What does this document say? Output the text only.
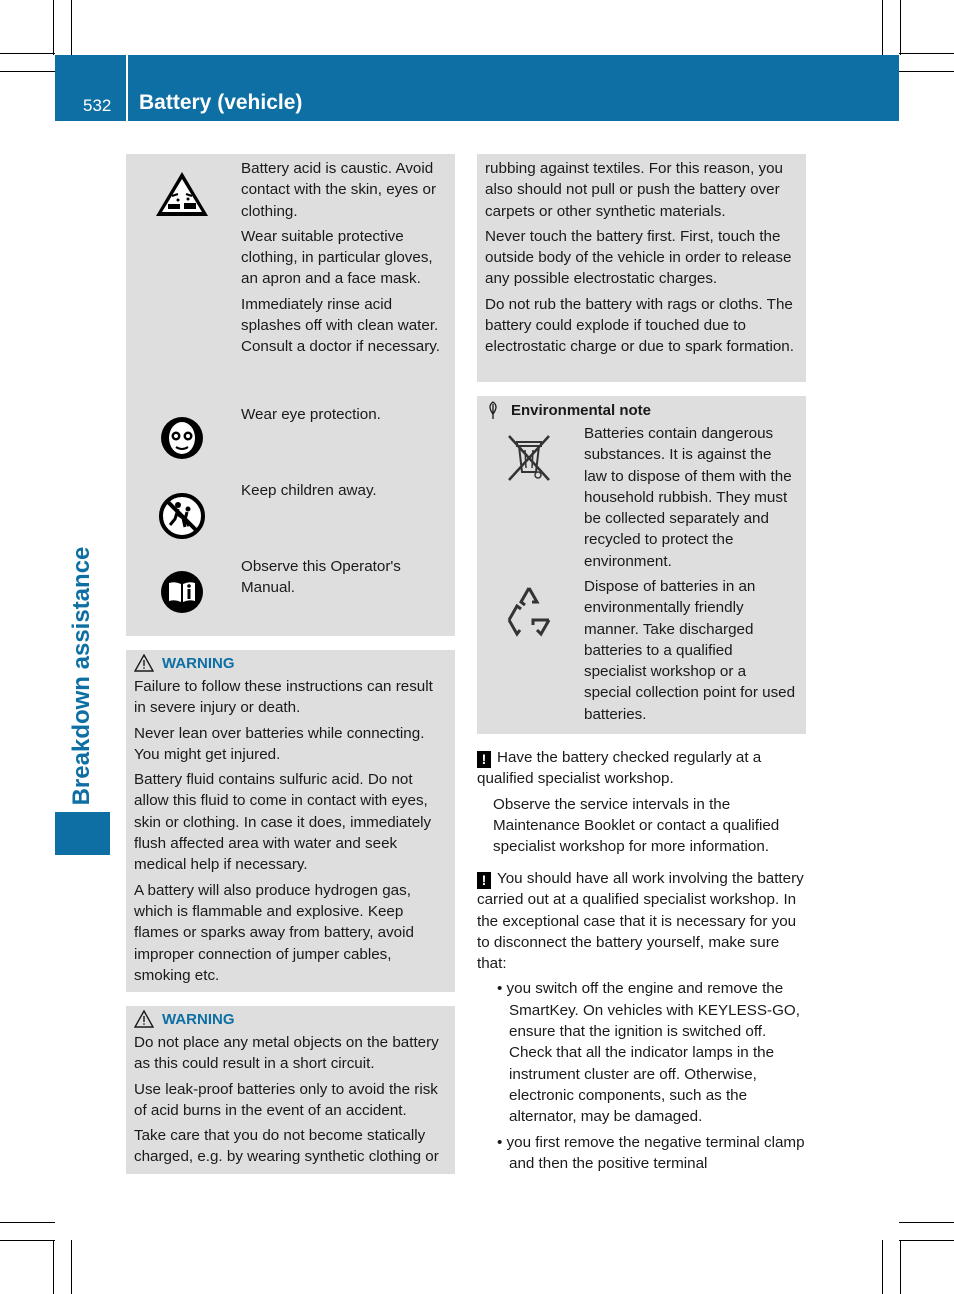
532 Battery (vehicle)
Breakdown assistance

Battery acid is caustic. Avoid contact with the skin, eyes or clothing.

Wear suitable protective clothing, in particular gloves, an apron and a face mask.

Immediately rinse acid splashes off with clean water. Consult a doctor if necessary.

Wear eye protection.

Keep children away.

Observe this Operator's Manual.

WARNING

Failure to follow these instructions can result in severe injury or death.

Never lean over batteries while connecting. You might get injured.

Battery fluid contains sulfuric acid. Do not allow this fluid to come in contact with eyes, skin or clothing. In case it does, immediately flush affected area with water and seek medical help if necessary.

A battery will also produce hydrogen gas, which is flammable and explosive. Keep flames or sparks away from battery, avoid improper connection of jumper cables, smoking etc.

WARNING

Do not place any metal objects on the battery as this could result in a short circuit.

Use leak-proof batteries only to avoid the risk of acid burns in the event of an accident.

Take care that you do not become statically charged, e.g. by wearing synthetic clothing or

rubbing against textiles. For this reason, you also should not pull or push the battery over carpets or other synthetic materials.

Never touch the battery first. First, touch the outside body of the vehicle in order to release any possible electrostatic charges.

Do not rub the battery with rags or cloths. The battery could explode if touched due to electrostatic charge or due to spark formation.

Environmental note

Batteries contain dangerous substances. It is against the law to dispose of them with the household rubbish. They must be collected separately and recycled to protect the environment.

Dispose of batteries in an environmentally friendly manner. Take discharged batteries to a qualified specialist workshop or a special collection point for used batteries.

! Have the battery checked regularly at a qualified specialist workshop.

Observe the service intervals in the Maintenance Booklet or contact a qualified specialist workshop for more information.

! You should have all work involving the battery carried out at a qualified specialist workshop. In the exceptional case that it is necessary for you to disconnect the battery yourself, make sure that:

• you switch off the engine and remove the SmartKey. On vehicles with KEYLESS-GO, ensure that the ignition is switched off. Check that all the indicator lamps in the instrument cluster are off. Otherwise, electronic components, such as the alternator, may be damaged.

• you first remove the negative terminal clamp and then the positive terminal
